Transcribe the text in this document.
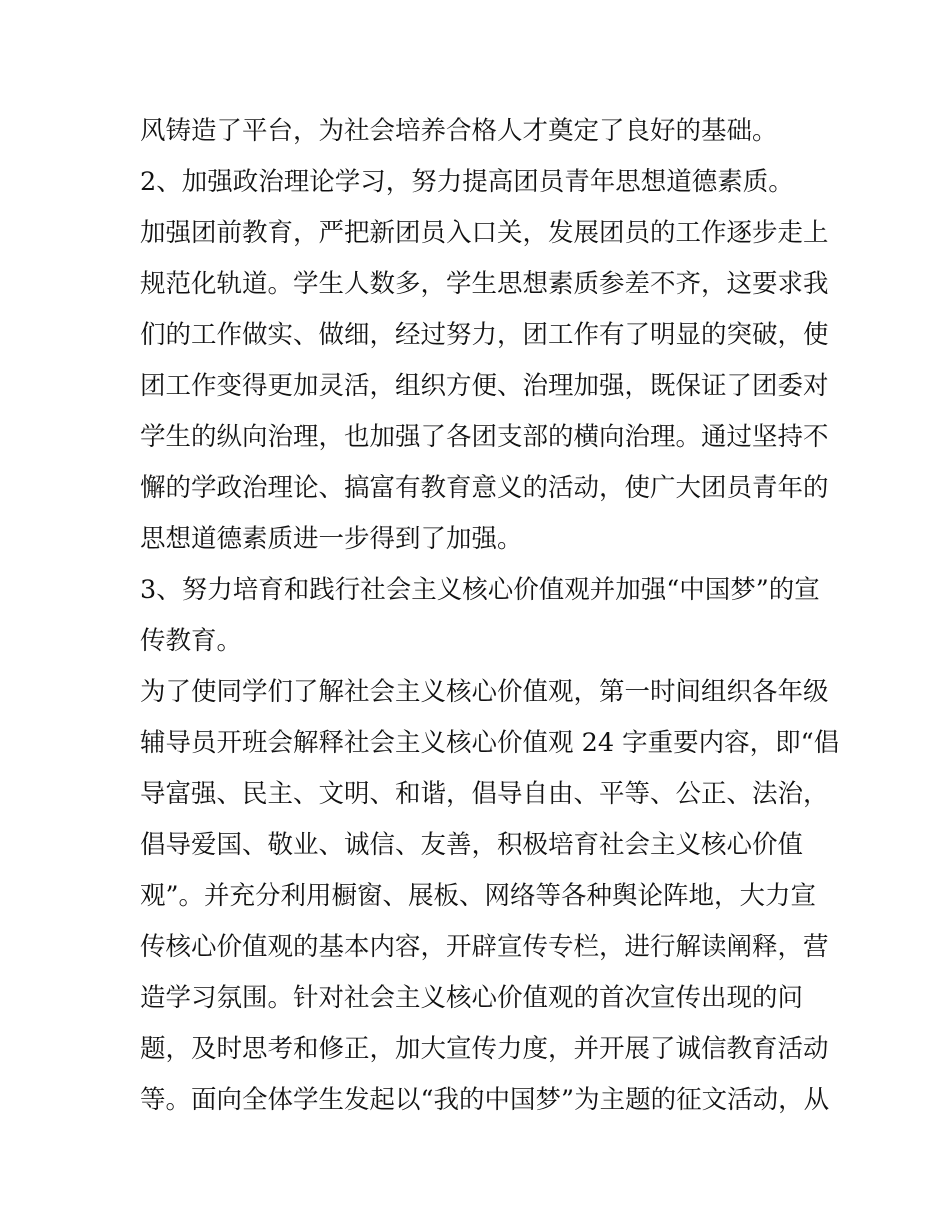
风铸造了平台，为社会培养合格人才奠定了良好的基础。
2、加强政治理论学习，努力提高团员青年思想道德素质。
加强团前教育，严把新团员入口关，发展团员的工作逐步走上
规范化轨道。学生人数多，学生思想素质参差不齐，这要求我
们的工作做实、做细，经过努力，团工作有了明显的突破，使
团工作变得更加灵活，组织方便、治理加强，既保证了团委对
学生的纵向治理，也加强了各团支部的横向治理。通过坚持不
懈的学政治理论、搞富有教育意义的活动，使广大团员青年的
思想道德素质进一步得到了加强。
3、努力培育和践行社会主义核心价值观并加强“中国梦”的宣
传教育。
为了使同学们了解社会主义核心价值观，第一时间组织各年级
辅导员开班会解释社会主义核心价值观 24 字重要内容，即“倡
导富强、民主、文明、和谐，倡导自由、平等、公正、法治，
倡导爱国、敬业、诚信、友善，积极培育社会主义核心价值
观”。并充分利用橱窗、展板、网络等各种舆论阵地，大力宣
传核心价值观的基本内容，开辟宣传专栏，进行解读阐释，营
造学习氛围。针对社会主义核心价值观的首次宣传出现的问
题，及时思考和修正，加大宣传力度，并开展了诚信教育活动
等。面向全体学生发起以“我的中国梦”为主题的征文活动，从
